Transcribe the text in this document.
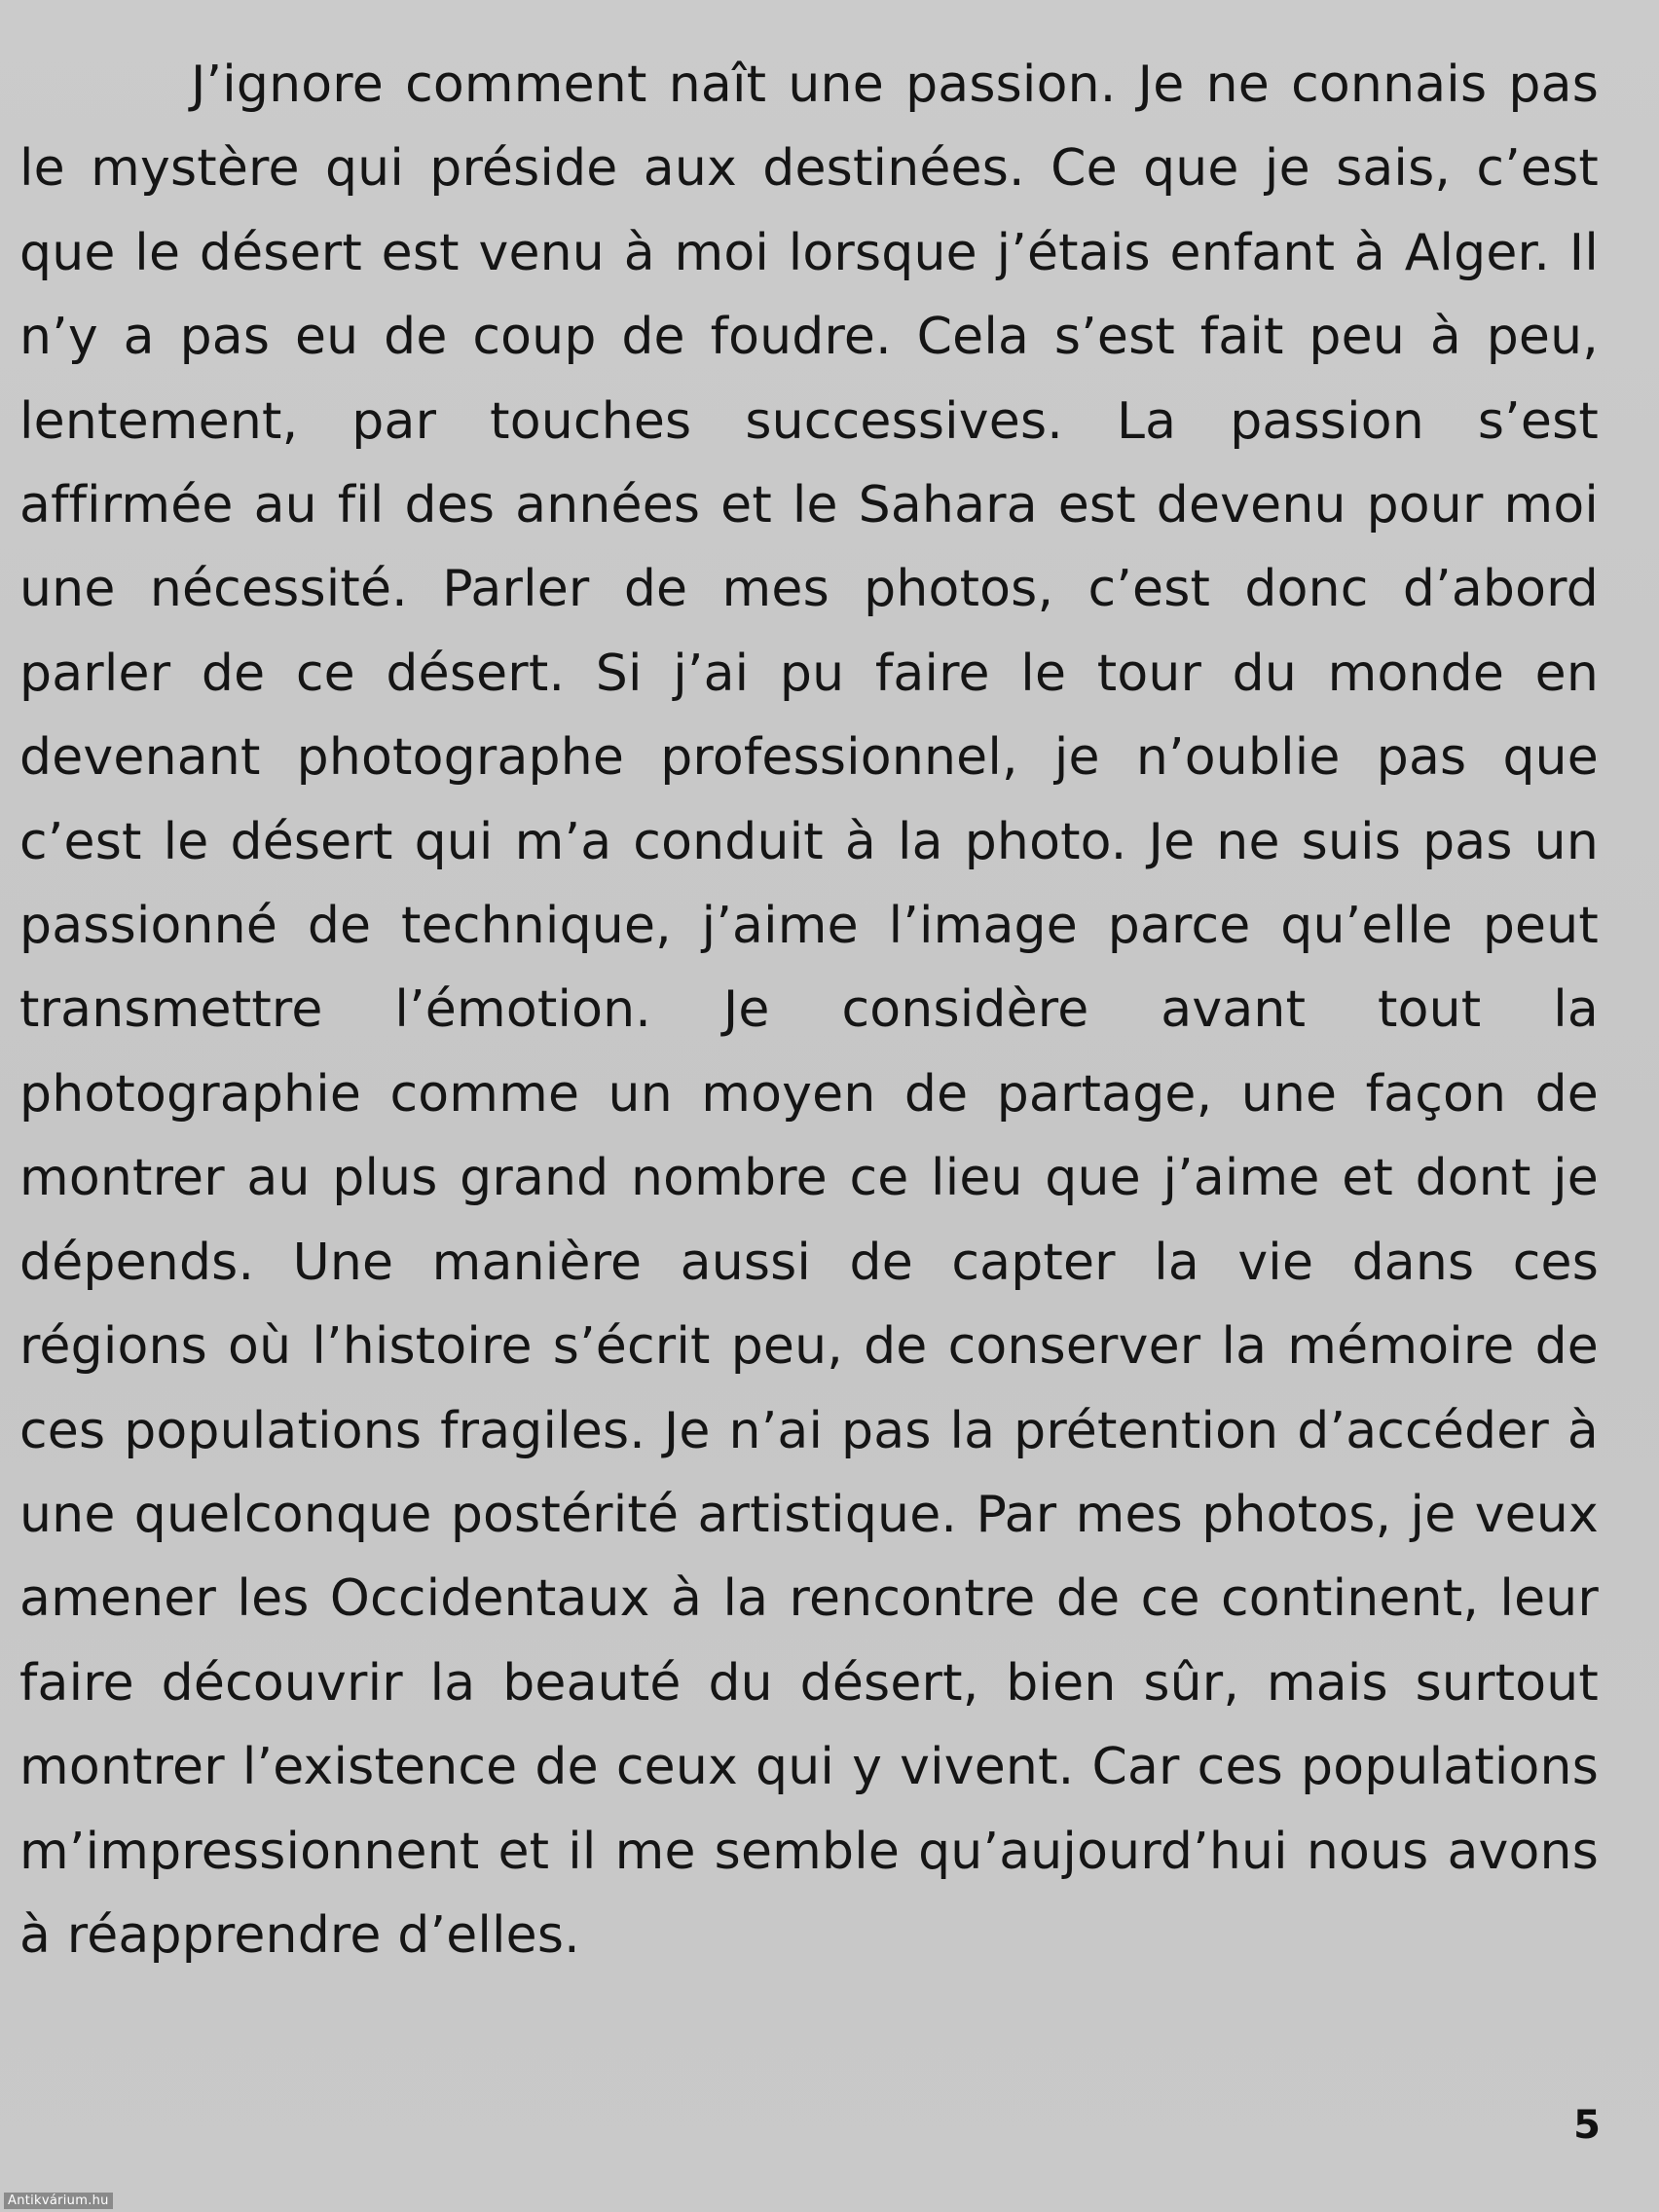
J’ignore comment naît une passion. Je ne connais pas le mystère qui préside aux destinées. Ce que je sais, c’est que le désert est venu à moi lorsque j’étais enfant à Alger. Il n’y a pas eu de coup de foudre. Cela s’est fait peu à peu, lentement, par touches successives. La passion s’est affirmée au fil des années et le Sahara est devenu pour moi une nécessité. Parler de mes photos, c’est donc d’abord parler de ce désert. Si j’ai pu faire le tour du monde en devenant photographe professionnel, je n’oublie pas que c’est le désert qui m’a conduit à la photo. Je ne suis pas un passionné de technique, j’aime l’image parce qu’elle peut transmettre l’émotion. Je considère avant tout la photographie comme un moyen de partage, une façon de montrer au plus grand nombre ce lieu que j’aime et dont je dépends. Une manière aussi de capter la vie dans ces régions où l’histoire s’écrit peu, de conserver la mémoire de ces populations fragiles. Je n’ai pas la prétention d’accéder à une quelconque postérité artistique. Par mes photos, je veux amener les Occidentaux à la rencontre de ce continent, leur faire découvrir la beauté du désert, bien sûr, mais surtout montrer l’existence de ceux qui y vivent. Car ces populations m’impressionnent et il me semble qu’aujourd’hui nous avons à réapprendre d’elles.

5
Antikvárium.hu
